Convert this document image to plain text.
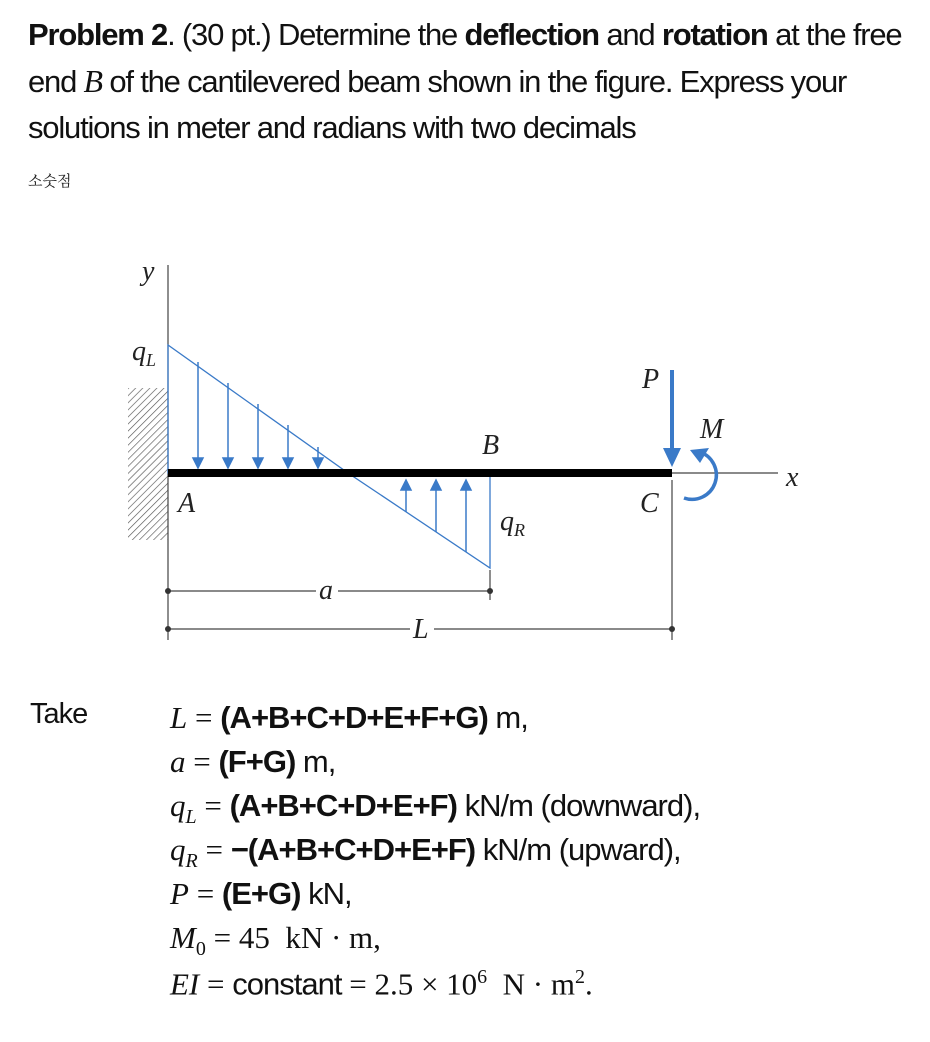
Problem 2. (30 pt.) Determine the deflection and rotation at the free end B of the cantilevered beam shown in the figure. Express your solutions in meter and radians with two decimals
소숫점
y
x
$q_L$
$q_R$
A
B
C
P
M
a
L
Take	L = (A+B+C+D+E+F+G) m,
a = (F+G) m,
$q_L = (A+B+C+D+E+F)$ kN/m (downward),
$q_R = -(A+B+C+D+E+F)$ kN/m (upward),
P = (E+G) kN,
$M_0 = 45$ kN · m,
EI = constant = $2.5 \times 10^6$ $N \cdot m^2$.
